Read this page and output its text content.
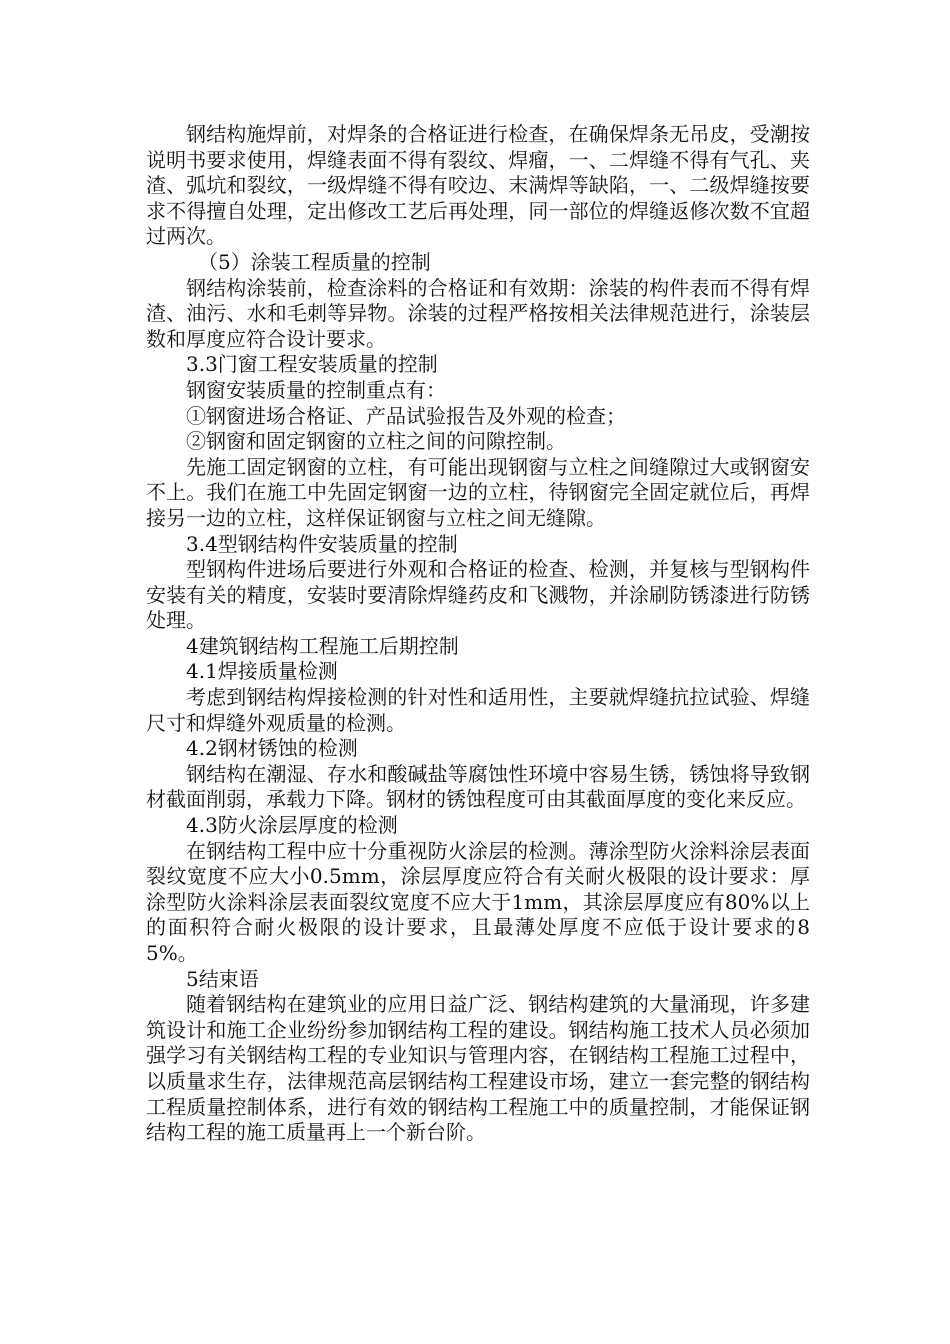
钢结构施焊前，对焊条的合格证进行检查，在确保焊条无吊皮，受潮按说明书要求使用，焊缝表面不得有裂纹、焊瘤，一、二焊缝不得有气孔、夹渣、弧坑和裂纹，一级焊缝不得有咬边、末满焊等缺陷，一、二级焊缝按要求不得擅自处理，定出修改工艺后再处理，同一部位的焊缝返修次数不宜超过两次。

（5）涂装工程质量的控制

钢结构涂装前，检查涂料的合格证和有效期：涂装的构件表而不得有焊渣、油污、水和毛刺等异物。涂装的过程严格按相关法律规范进行，涂装层数和厚度应符合设计要求。

3.3门窗工程安装质量的控制

钢窗安装质量的控制重点有：

①钢窗进场合格证、产品试验报告及外观的检查；

②钢窗和固定钢窗的立柱之间的问隙控制。

先施工固定钢窗的立柱，有可能出现钢窗与立柱之间缝隙过大或钢窗安不上。我们在施工中先固定钢窗一边的立柱，待钢窗完全固定就位后，再焊接另一边的立柱，这样保证钢窗与立柱之间无缝隙。

3.4型钢结构件安装质量的控制

型钢构件进场后要进行外观和合格证的检查、检测，并复核与型钢构件安装有关的精度，安装时要清除焊缝药皮和飞溅物，并涂刷防锈漆进行防锈处理。

4建筑钢结构工程施工后期控制

4.1焊接质量检测

考虑到钢结构焊接检测的针对性和适用性，主要就焊缝抗拉试验、焊缝尺寸和焊缝外观质量的检测。

4.2钢材锈蚀的检测

钢结构在潮湿、存水和酸碱盐等腐蚀性环境中容易生锈，锈蚀将导致钢材截面削弱，承载力下降。钢材的锈蚀程度可由其截面厚度的变化来反应。

4.3防火涂层厚度的检测

在钢结构工程中应十分重视防火涂层的检测。薄涂型防火涂料涂层表面裂纹宽度不应大小0.5mm，涂层厚度应符合有关耐火极限的设计要求：厚涂型防火涂料涂层表面裂纹宽度不应大于1mm，其涂层厚度应有80%以上的面积符合耐火极限的设计要求，且最薄处厚度不应低于设计要求的85%。

5结束语

随着钢结构在建筑业的应用日益广泛、钢结构建筑的大量涌现，许多建筑设计和施工企业纷纷参加钢结构工程的建设。钢结构施工技术人员必须加强学习有关钢结构工程的专业知识与管理内容，在钢结构工程施工过程中，以质量求生存，法律规范高层钢结构工程建设市场，建立一套完整的钢结构工程质量控制体系，进行有效的钢结构工程施工中的质量控制，才能保证钢结构工程的施工质量再上一个新台阶。
